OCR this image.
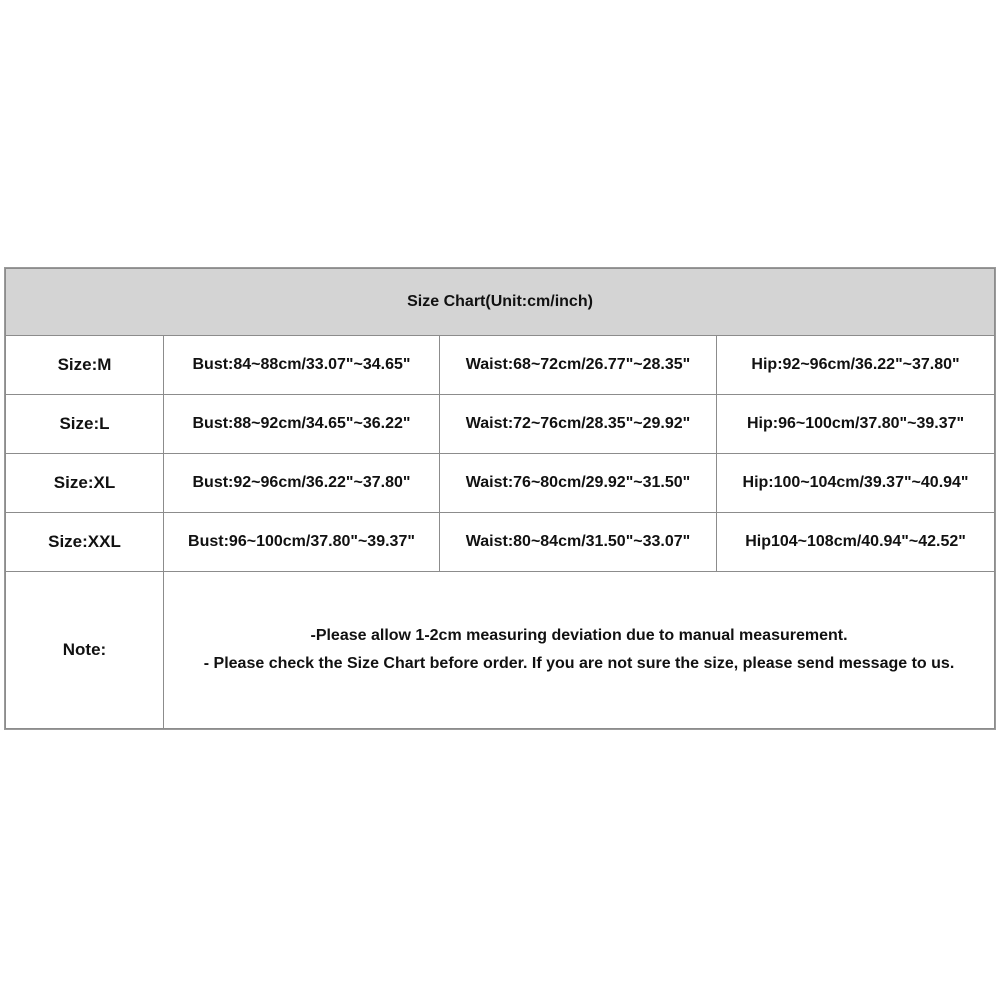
Size Chart(Unit:cm/inch)			
Size:M	Bust:84~88cm/33.07"~34.65"	Waist:68~72cm/26.77"~28.35"	Hip:92~96cm/36.22"~37.80"
Size:L	Bust:88~92cm/34.65"~36.22"	Waist:72~76cm/28.35"~29.92"	Hip:96~100cm/37.80"~39.37"
Size:XL	Bust:92~96cm/36.22"~37.80"	Waist:76~80cm/29.92"~31.50"	Hip:100~104cm/39.37"~40.94"
Size:XXL	Bust:96~100cm/37.80"~39.37"	Waist:80~84cm/31.50"~33.07"	Hip104~108cm/40.94"~42.52"
Note:	-Please allow 1-2cm measuring deviation due to manual measurement.

- Please check the Size Chart before order. If you are not sure the size, please send message to us.		
